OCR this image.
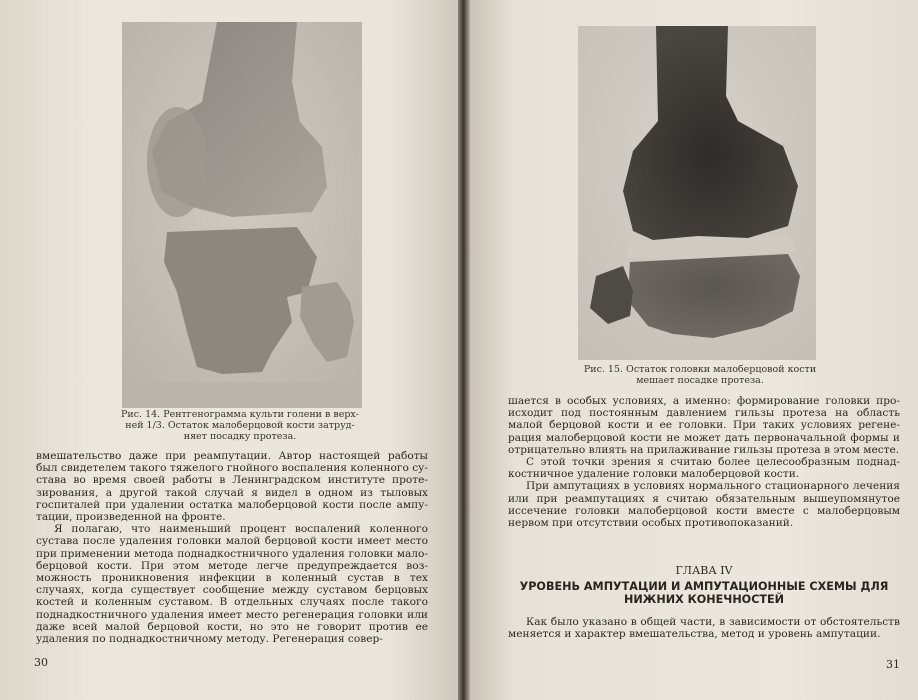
Рис. 14. Рентгенограмма культи голени в верхней 1/3. Остаток малоберцовой кости затрудняет посадку протеза.

вмешательство даже при реампутации. Автор настоящей работы был свидетелем такого тяжелого гнойного воспаления коленного сустава во время своей работы в Ленинградском институте протезирования, а другой такой случай я видел в одном из тыловых госпиталей при удалении остатка малоберцовой кости после ампутации, произведенной на фронте.

Я полагаю, что наименьший процент воспалений коленного сустава после удаления головки малой берцовой кости имеет место при применении метода поднадкостничного удаления головки малоберцовой кости. При этом методе легче предупреждается возможность проникновения инфекции в коленный сустав в тех случаях, когда существует сообщение между суставом берцовых костей и коленным суставом. В отдельных случаях после такого поднадкостничного удаления имеет место регенерация головки или даже всей малой берцовой кости, но это не говорит против ее удаления по поднадкостничному методу. Регенерация совер-

30
Рис. 15. Остаток головки малоберцовой кости мешает посадке протеза.

шается в особых условиях, а именно: формирование головки происходит под постоянным давлением гильзы протеза на область малой берцовой кости и ее головки. При таких условиях регенерация малоберцовой кости не может дать первоначальной формы и отрицательно влиять на прилаживание гильзы протеза в этом месте.

С этой точки зрения я считаю более целесообразным поднадкостничное удаление головки малоберцовой кости.

При ампутациях в условиях нормального стационарного лечения или при реампутациях я считаю обязательным вышеупомянутое иссечение головки малоберцовой кости вместе с малоберцовым нервом при отсутствии особых противопоказаний.

ГЛАВА IV
УРОВЕНЬ АМПУТАЦИИ И АМПУТАЦИОННЫЕ СХЕМЫ ДЛЯ НИЖНИХ КОНЕЧНОСТЕЙ

Как было указано в общей части, в зависимости от обстоятельств меняется и характер вмешательства, метод и уровень ампутации.

31
